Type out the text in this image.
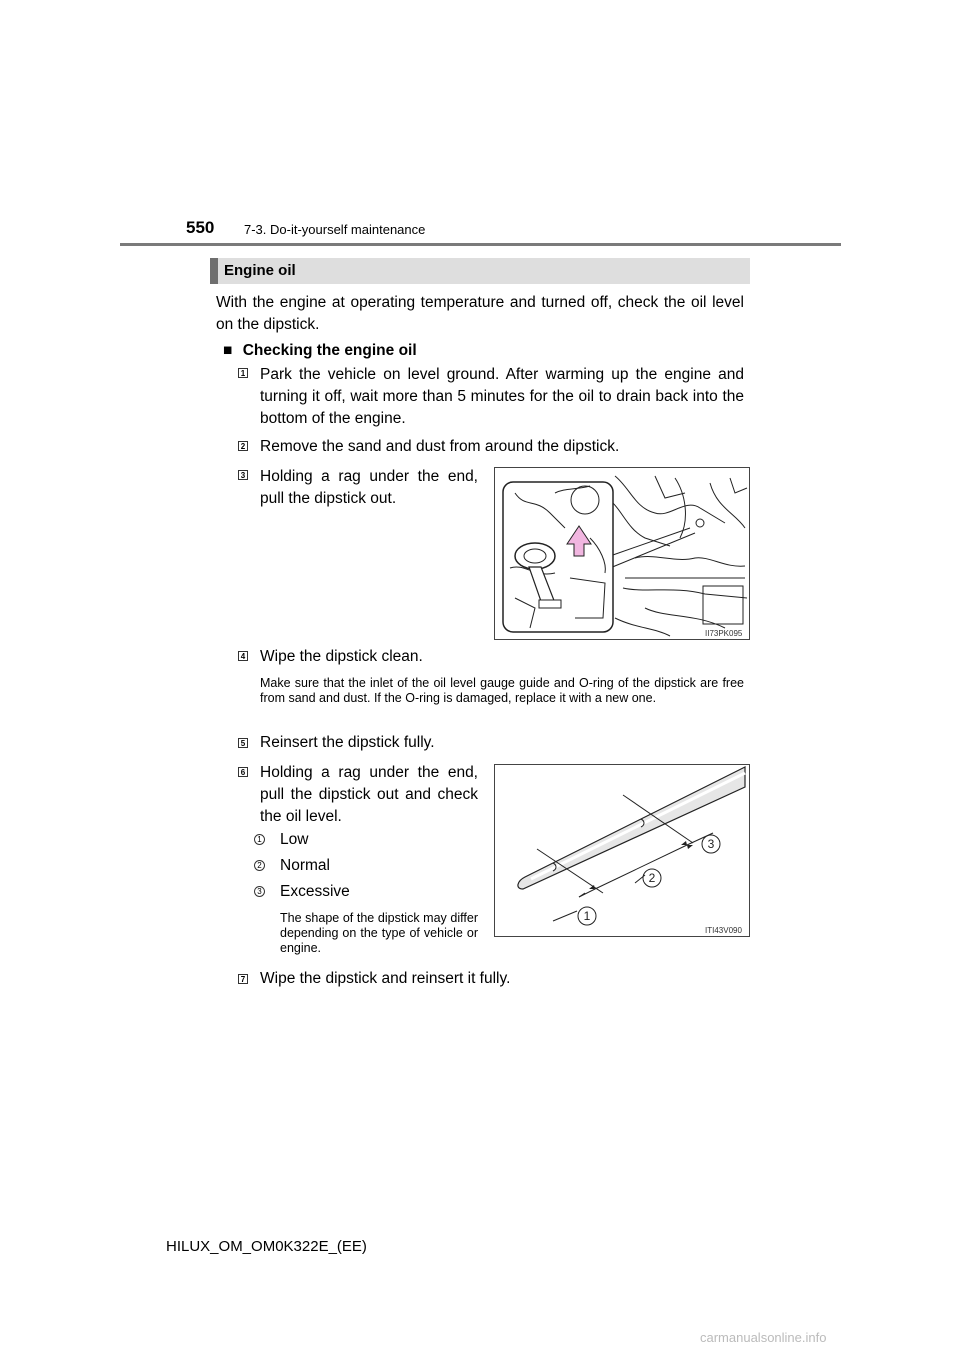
550 7-3. Do-it-yourself maintenance
Engine oil
With the engine at operating temperature and turned off, check the oil level on the dipstick.
■ Checking the engine oil
1 Park the vehicle on level ground. After warming up the engine and turning it off, wait more than 5 minutes for the oil to drain back into the bottom of the engine.
2 Remove the sand and dust from around the dipstick.
3 Holding a rag under the end, pull the dipstick out.
II73PK095
4 Wipe the dipstick clean.
Make sure that the inlet of the oil level gauge guide and O-ring of the dipstick are free from sand and dust. If the O-ring is damaged, replace it with a new one.
5 Reinsert the dipstick fully.
6 Holding a rag under the end, pull the dipstick out and check the oil level.
1 Low
2 Normal
3 Excessive
The shape of the dipstick may differ depending on the type of vehicle or engine.
1
2
3
ITI43V090
7 Wipe the dipstick and reinsert it fully.
HILUX_OM_OM0K322E_(EE)
carmanualsonline.info
